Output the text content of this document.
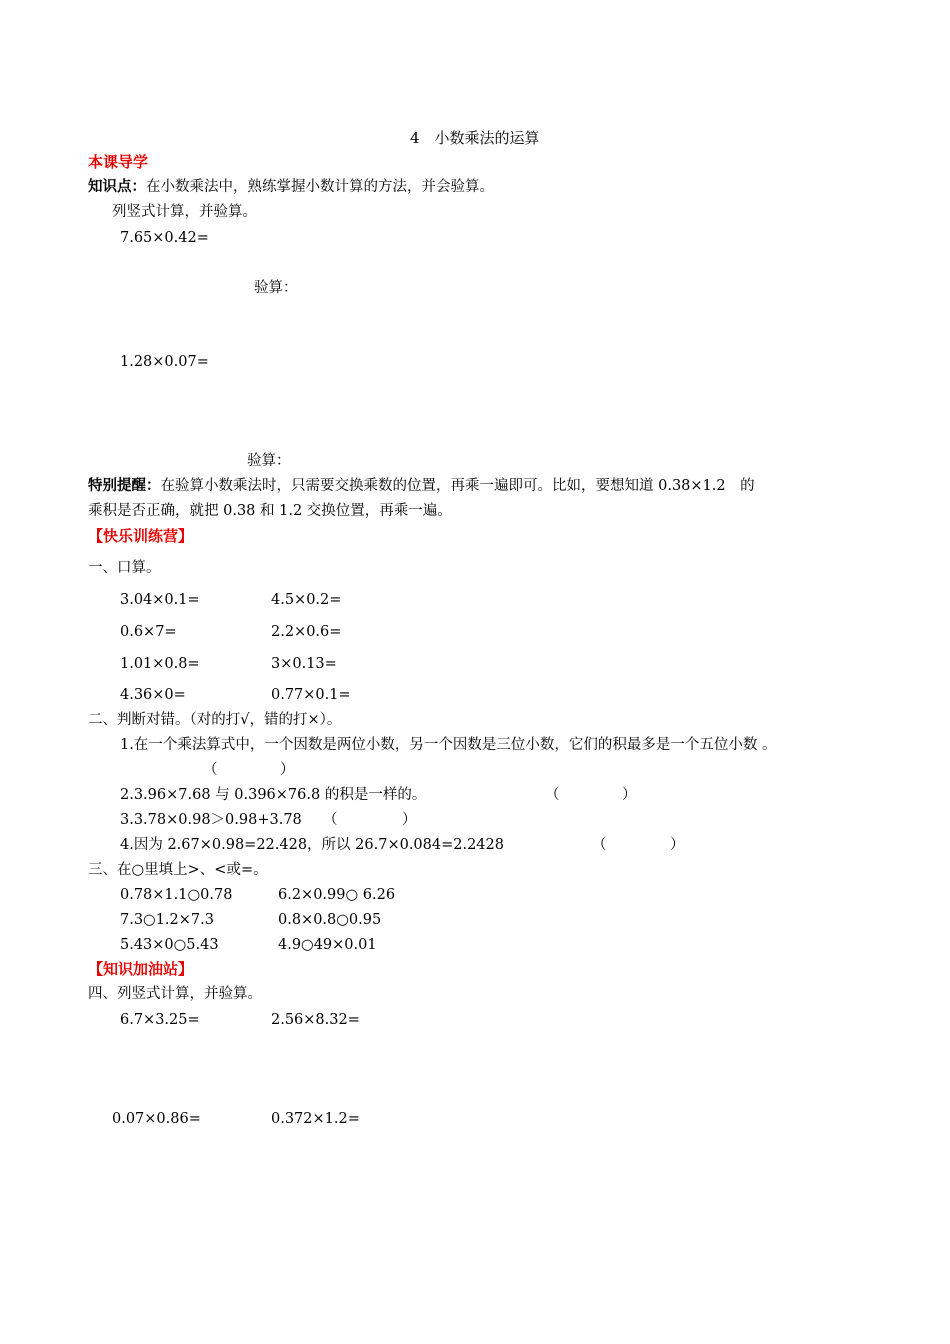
4　小数乘法的运算
本课导学
知识点：在小数乘法中，熟练掌握小数计算的方法，并会验算。
列竖式计算，并验算。
7.65×0.42=
验算：
1.28×0.07=
验算：
特别提醒：在验算小数乘法时，只需要交换乘数的位置，再乘一遍即可。比如，要想知道 0.38×1.2　的
乘积是否正确，就把 0.38 和 1.2 交换位置，再乘一遍。
【快乐训练营】
一、口算。
3.04×0.1=	4.5×0.2=
0.6×7=	2.2×0.6=
1.01×0.8=	3×0.13=
4.36×0=	0.77×0.1=
二、判断对错。（对的打√，错的打×）。
1.在一个乘法算式中，一个因数是两位小数，另一个因数是三位小数，它们的积最多是一个五位小数 。
（	）
2.3.96×7.68 与 0.396×76.8 的积是一样的。	（	）
3.3.78×0.98＞0.98+3.78 （	）
4.因为 2.67×0.98=22.428，所以 26.7×0.084=2.2428	（	）
三、在○里填上>、<或=。
0.78×1.1○0.78	6.2×0.99○ 6.26
7.3○1.2×7.3	0.8×0.8○0.95
5.43×0○5.43	4.9○49×0.01
【知识加油站】
四、列竖式计算，并验算。
6.7×3.25=	2.56×8.32=
0.07×0.86=	0.372×1.2=
